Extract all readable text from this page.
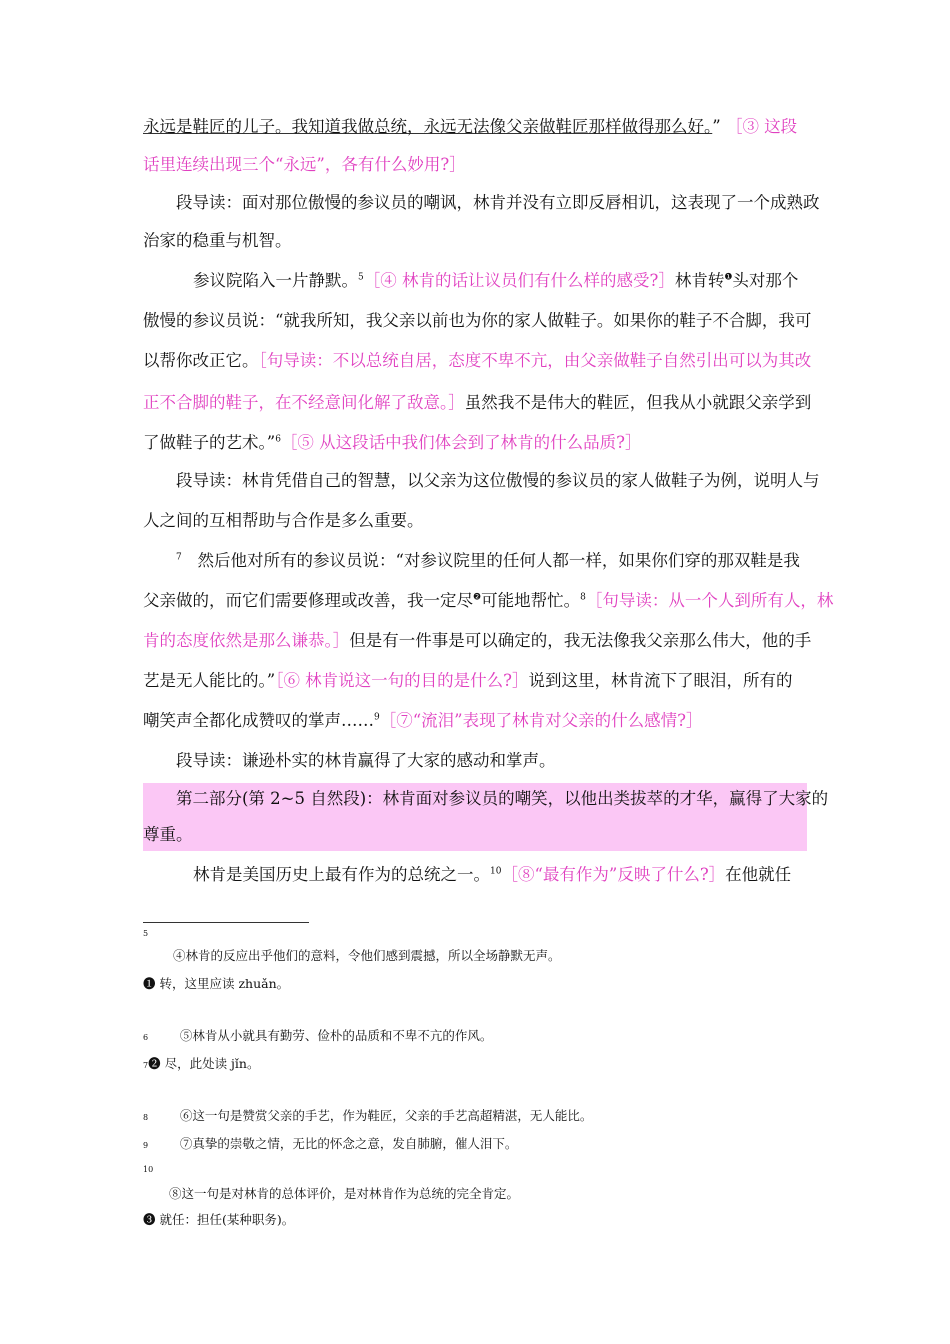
永远是鞋匠的儿子。我知道我做总统，永远无法像父亲做鞋匠那样做得那么好。” ［③ 这段
话里连续出现三个“永远”，各有什么妙用?］
段导读：面对那位傲慢的参议员的嘲讽，林肯并没有立即反唇相讥，这表现了一个成熟政
治家的稳重与机智。
参议院陷入一片静默。$^5$［④ 林肯的话让议员们有什么样的感受?］林肯转$^❶$头对那个
傲慢的参议员说：“就我所知，我父亲以前也为你的家人做鞋子。如果你的鞋子不合脚，我可
以帮你改正它。［句导读：不以总统自居，态度不卑不亢，由父亲做鞋子自然引出可以为其改
正不合脚的鞋子，在不经意间化解了敌意。］虽然我不是伟大的鞋匠，但我从小就跟父亲学到
了做鞋子的艺术。”$^6$［⑤ 从这段话中我们体会到了林肯的什么品质?］
段导读：林肯凭借自己的智慧，以父亲为这位傲慢的参议员的家人做鞋子为例，说明人与
人之间的互相帮助与合作是多么重要。
$^7$ 然后他对所有的参议员说：“对参议院里的任何人都一样，如果你们穿的那双鞋是我
父亲做的，而它们需要修理或改善，我一定尽$^❷$可能地帮忙。$^8$［句导读：从一个人到所有人，林
肯的态度依然是那么谦恭。］但是有一件事是可以确定的，我无法像我父亲那么伟大，他的手
艺是无人能比的。”［⑥ 林肯说这一句的目的是什么?］说到这里，林肯流下了眼泪，所有的
嘲笑声全都化成赞叹的掌声……$^9$［⑦“流泪”表现了林肯对父亲的什么感情?］
段导读：谦逊朴实的林肯赢得了大家的感动和掌声。
第二部分(第 2~5 自然段)：林肯面对参议员的嘲笑，以他出类拔萃的才华，赢得了大家的
尊重。
林肯是美国历史上最有作为的总统之一。$^{10}$［⑧“最有作为”反映了什么?］在他就任
5
④林肯的反应出乎他们的意料，令他们感到震撼，所以全场静默无声。
❶ 转，这里应读 zhuǎn。
6	⑤林肯从小就具有勤劳、俭朴的品质和不卑不亢的作风。
7❷ 尽，此处读 jǐn。
8	⑥这一句是赞赏父亲的手艺，作为鞋匠，父亲的手艺高超精湛，无人能比。
9	⑦真挚的崇敬之情，无比的怀念之意，发自肺腑，催人泪下。
10
⑧这一句是对林肯的总体评价，是对林肯作为总统的完全肯定。
❸ 就任：担任(某种职务)。
